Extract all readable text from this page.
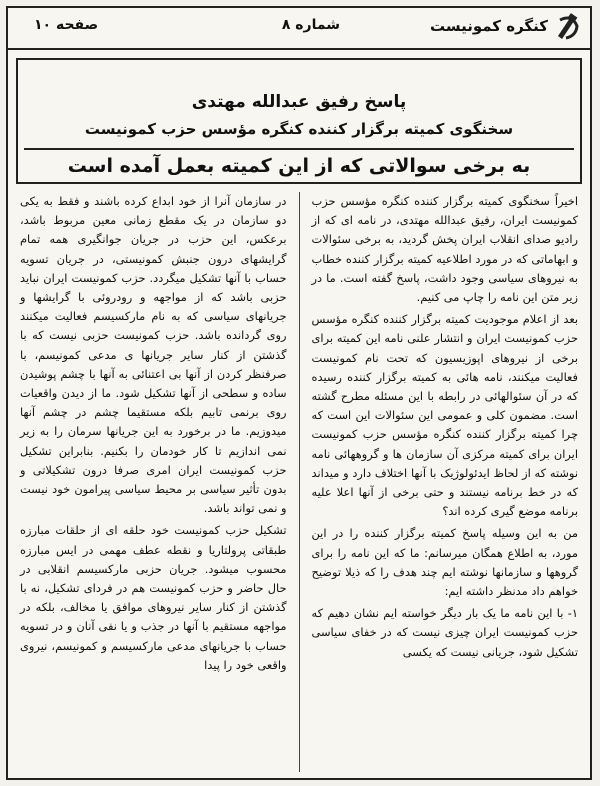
کنگره کمونیست
شماره ۸
صفحه ۱۰
پاسخ رفیق عبدالله مهتدی
سخنگوی کمیته برگزار کننده کنگره مؤسس حزب کمونیست
به برخی سوالاتی که از این کمیته بعمل آمده است

اخیراً سخنگوی کمیته برگزار کننده کنگره مؤسس حزب کمونیست ایران، رفیق عبدالله مهتدی، در نامه ای که از رادیو صدای انقلاب ایران پخش گردید، به برخی سئوالات و ابهاماتی که در مورد اطلاعیه کمیته برگزار کننده خطاب به نیروهای سیاسی وجود داشت، پاسخ گفته است. ما در زیر متن این نامه را چاپ می کنیم.

بعد از اعلام موجودیت کمیته برگزار کننده کنگره مؤسس حزب کمونیست ایران و انتشار علنی نامه این کمیته برای برخی از نیروهای اپوزیسیون که تحت نام کمونیست فعالیت میکنند، نامه هائی به کمیته برگزار کننده رسیده که در آن سئوالهائی در رابطه با این مسئله مطرح گشته است. مضمون کلی و عمومی این سئوالات این است که چرا کمیته برگزار کننده کنگره مؤسس حزب کمونیست ایران برای کمیته مرکزی آن سازمان ها و گروههائی نامه نوشته که از لحاظ ایدئولوژیک با آنها اختلاف دارد و میداند که در خط برنامه نیستند و حتی برخی از آنها اعلا علیه برنامه موضع گیری کرده اند؟

من به این وسیله پاسخ کمیته برگزار کننده را در این مورد، به اطلاع همگان میرسانم: ما که این نامه را برای گروهها و سازمانها نوشته ایم چند هدف را که ذیلا توضیح خواهم داد مدنظر داشته ایم:

۱- با این نامه ما یک بار دیگر خواسته ایم نشان دهیم که حزب کمونیست ایران چیزی نیست که در خفای سیاسی تشکیل شود، جریانی نیست که یکسی

در سازمان آنرا از خود ابداع کرده باشند و فقط به یکی دو سازمان در یک مقطع زمانی معین مربوط باشد، برعکس، این حزب در جریان جوانگیری همه تمام گرایشهای درون جنبش کمونیستی، در جریان تسویه حساب با آنها تشکیل میگردد. حزب کمونیست ایران نباید حزبی باشد که از مواجهه و رودروئی با گرایشها و جریانهای سیاسی که به نام مارکسیسم فعالیت میکنند روی گردانده باشد. حزب کمونیست حزبی نیست که با گذشتن از کنار سایر جریانها ی مدعی کمونیسم، با صرفنظر کردن از آنها بی اعتنائی به آنها با چشم پوشیدن ساده و سطحی از آنها تشکیل شود. ما از دیدن واقعیات روی برنمی تابیم بلکه مستقیما چشم در چشم آنها میدوزیم. ما در برخورد به این جریانها سرمان را به زیر نمی اندازیم تا کار خودمان را بکنیم. بنابراین تشکیل حزب کمونیست ایران امری صرفا درون تشکیلاتی و بدون تأثیر سیاسی بر محیط سیاسی پیرامون خود نیست و نمی تواند باشد.

تشکیل حزب کمونیست خود حلقه ای از حلقات مبارزه طبقاتی پرولتاریا و نقطه عطف مهمی در ایس مبارزه محسوب میشود. جریان حزبی مارکسیسم انقلابی در حال حاضر و حزب کمونیست هم در فردای تشکیل، نه با گذشتن از کنار سایر نیروهای موافق یا مخالف، بلکه در مواجهه مستقیم با آنها در جذب و یا نفی آنان و در تسویه حساب با جریانهای مدعی مارکسیسم و کمونیسم، نیروی واقعی خود را پیدا
